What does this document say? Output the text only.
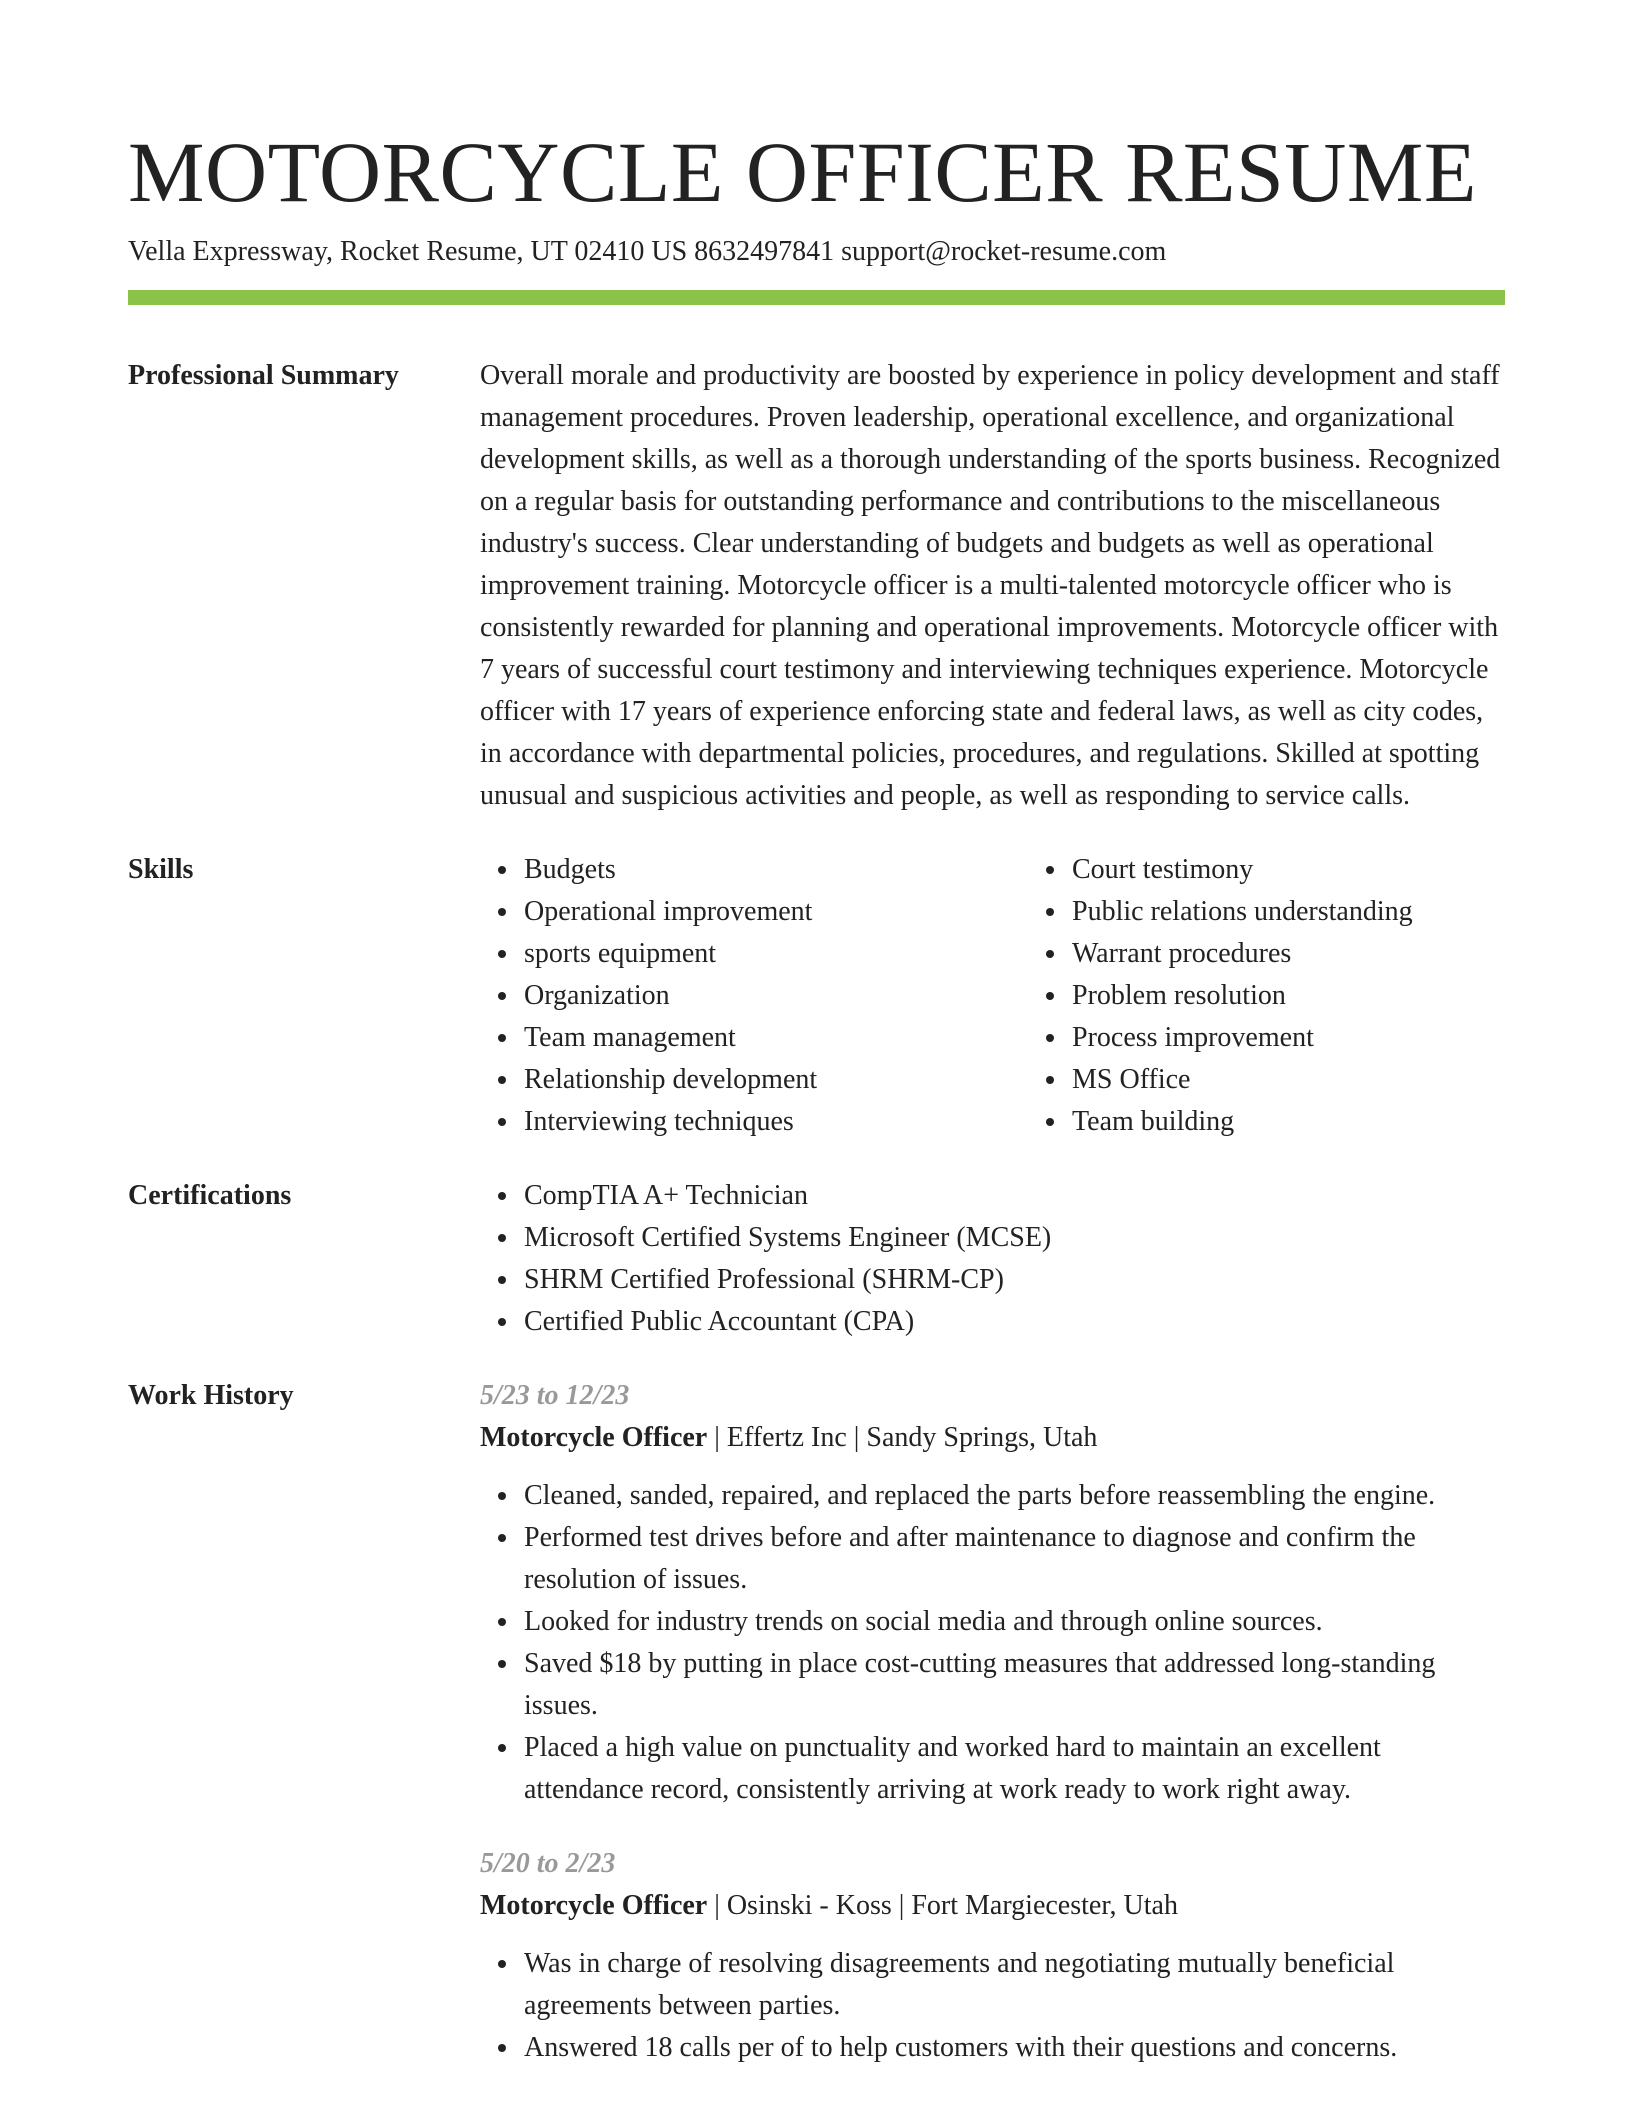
MOTORCYCLE OFFICER RESUME
Vella Expressway, Rocket Resume, UT 02410 US 8632497841 support@rocket-resume.com
Professional Summary	Overall morale and productivity are boosted by experience in policy development and staff management procedures. Proven leadership, operational excellence, and organizational development skills, as well as a thorough understanding of the sports business. Recognized on a regular basis for outstanding performance and contributions to the miscellaneous industry's success. Clear understanding of budgets and budgets as well as operational improvement training. Motorcycle officer is a multi-talented motorcycle officer who is consistently rewarded for planning and operational improvements. Motorcycle officer with 7 years of successful court testimony and interviewing techniques experience. Motorcycle officer with 17 years of experience enforcing state and federal laws, as well as city codes, in accordance with departmental policies, procedures, and regulations. Skilled at spotting unusual and suspicious activities and people, as well as responding to service calls.

Skills	Budgets
Operational improvement
sports equipment
Organization
Team management
Relationship development
Interviewing techniques
Court testimony
Public relations understanding
Warrant procedures
Problem resolution
Process improvement
MS Office
Team building
Certifications	CompTIA A+ Technician
Microsoft Certified Systems Engineer (MCSE)
SHRM Certified Professional (SHRM-CP)
Certified Public Accountant (CPA)
Work History	5/23 to 12/23
Motorcycle Officer | Effertz Inc | Sandy Springs, Utah
Cleaned, sanded, repaired, and replaced the parts before reassembling the engine.
Performed test drives before and after maintenance to diagnose and confirm the resolution of issues.
Looked for industry trends on social media and through online sources.
Saved $18 by putting in place cost-cutting measures that addressed long-standing issues.
Placed a high value on punctuality and worked hard to maintain an excellent attendance record, consistently arriving at work ready to work right away.
5/20 to 2/23
Motorcycle Officer | Osinski - Koss | Fort Margiecester, Utah
Was in charge of resolving disagreements and negotiating mutually beneficial agreements between parties.
Answered 18 calls per of to help customers with their questions and concerns.
